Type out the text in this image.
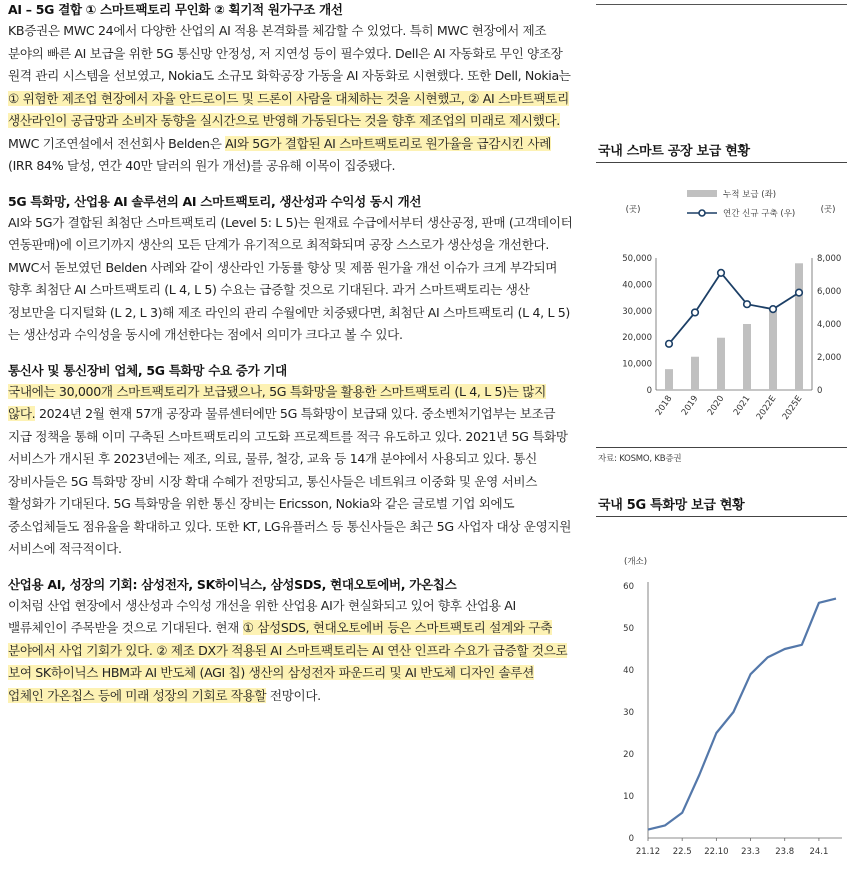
AI – 5G 결합 ① 스마트팩토리 무인화 ② 획기적 원가구조 개선

KB증권은 MWC 24에서 다양한 산업의 AI 적용 본격화를 체감할 수 있었다. 특히 MWC 현장에서 제조 분야의 빠른 AI 보급을 위한 5G 통신망 안정성, 저 지연성 등이 필수였다. Dell은 AI 자동화로 무인 양조장 원격 관리 시스템을 선보였고, Nokia도 소규모 화학공장 가동을 AI 자동화로 시현했다. 또한 Dell, Nokia는 ① 위험한 제조업 현장에서 자율 안드로이드 및 드론이 사람을 대체하는 것을 시현했고, ② AI 스마트팩토리 생산라인이 공급망과 소비자 동향을 실시간으로 반영해 가동된다는 것을 향후 제조업의 미래로 제시했다. MWC 기조연설에서 전선회사 Belden은 AI와 5G가 결합된 AI 스마트팩토리로 원가율을 급감시킨 사례 (IRR 84% 달성, 연간 40만 달러의 원가 개선)를 공유해 이목이 집중됐다.

5G 특화망, 산업용 AI 솔루션의 AI 스마트팩토리, 생산성과 수익성 동시 개선

AI와 5G가 결합된 최첨단 스마트팩토리 (Level 5: L 5)는 원재료 수급에서부터 생산공정, 판매 (고객데이터 연동판매)에 이르기까지 생산의 모든 단계가 유기적으로 최적화되며 공장 스스로가 생산성을 개선한다. MWC서 돋보였던 Belden 사례와 같이 생산라인 가동률 향상 및 제품 원가율 개선 이슈가 크게 부각되며 향후 최첨단 AI 스마트팩토리 (L 4, L 5) 수요는 급증할 것으로 기대된다. 과거 스마트팩토리는 생산 정보만을 디지털화 (L 2, L 3)해 제조 라인의 관리 수월에만 치중됐다면, 최첨단 AI 스마트팩토리 (L 4, L 5)는 생산성과 수익성을 동시에 개선한다는 점에서 의미가 크다고 볼 수 있다.

통신사 및 통신장비 업체, 5G 특화망 수요 증가 기대

국내에는 30,000개 스마트팩토리가 보급됐으나, 5G 특화망을 활용한 스마트팩토리 (L 4, L 5)는 많지 않다. 2024년 2월 현재 57개 공장과 물류센터에만 5G 특화망이 보급돼 있다. 중소벤처기업부는 보조금 지급 정책을 통해 이미 구축된 스마트팩토리의 고도화 프로젝트를 적극 유도하고 있다. 2021년 5G 특화망 서비스가 개시된 후 2023년에는 제조, 의료, 물류, 철강, 교육 등 14개 분야에서 사용되고 있다. 통신 장비사들은 5G 특화망 장비 시장 확대 수혜가 전망되고, 통신사들은 네트워크 이중화 및 운영 서비스 활성화가 기대된다. 5G 특화망을 위한 통신 장비는 Ericsson, Nokia와 같은 글로벌 기업 외에도 중소업체들도 점유율을 확대하고 있다. 또한 KT, LG유플러스 등 통신사들은 최근 5G 사업자 대상 운영지원 서비스에 적극적이다.

산업용 AI, 성장의 기회: 삼성전자, SK하이닉스, 삼성SDS, 현대오토에버, 가온칩스

이처럼 산업 현장에서 생산성과 수익성 개선을 위한 산업용 AI가 현실화되고 있어 향후 산업용 AI 밸류체인이 주목받을 것으로 기대된다. 현재 ① 삼성SDS, 현대오토에버 등은 스마트팩토리 설계와 구축 분야에서 사업 기회가 있다. ② 제조 DX가 적용된 AI 스마트팩토리는 AI 연산 인프라 수요가 급증할 것으로 보여 SK하이닉스 HBM과 AI 반도체 (AGI 칩) 생산의 삼성전자 파운드리 및 AI 반도체 디자인 솔루션 업체인 가온칩스 등에 미래 성장의 기회로 작용할 전망이다.

국내 스마트 공장 보급 현황
(곳)	(곳)
누적 보급 (좌)
연간 신규 구축 (우)
50,000
40,000
30,000
20,000
10,000
0
8,000
6,000
4,000
2,000
0
2018 2019 2020 2021 2022E 2025E
자료: KOSMO, KB증권
국내 5G 특화망 보급 현황
(개소)
60
50
40
30
20
10
0
21.12 22.5 22.10 23.3 23.8 24.1
